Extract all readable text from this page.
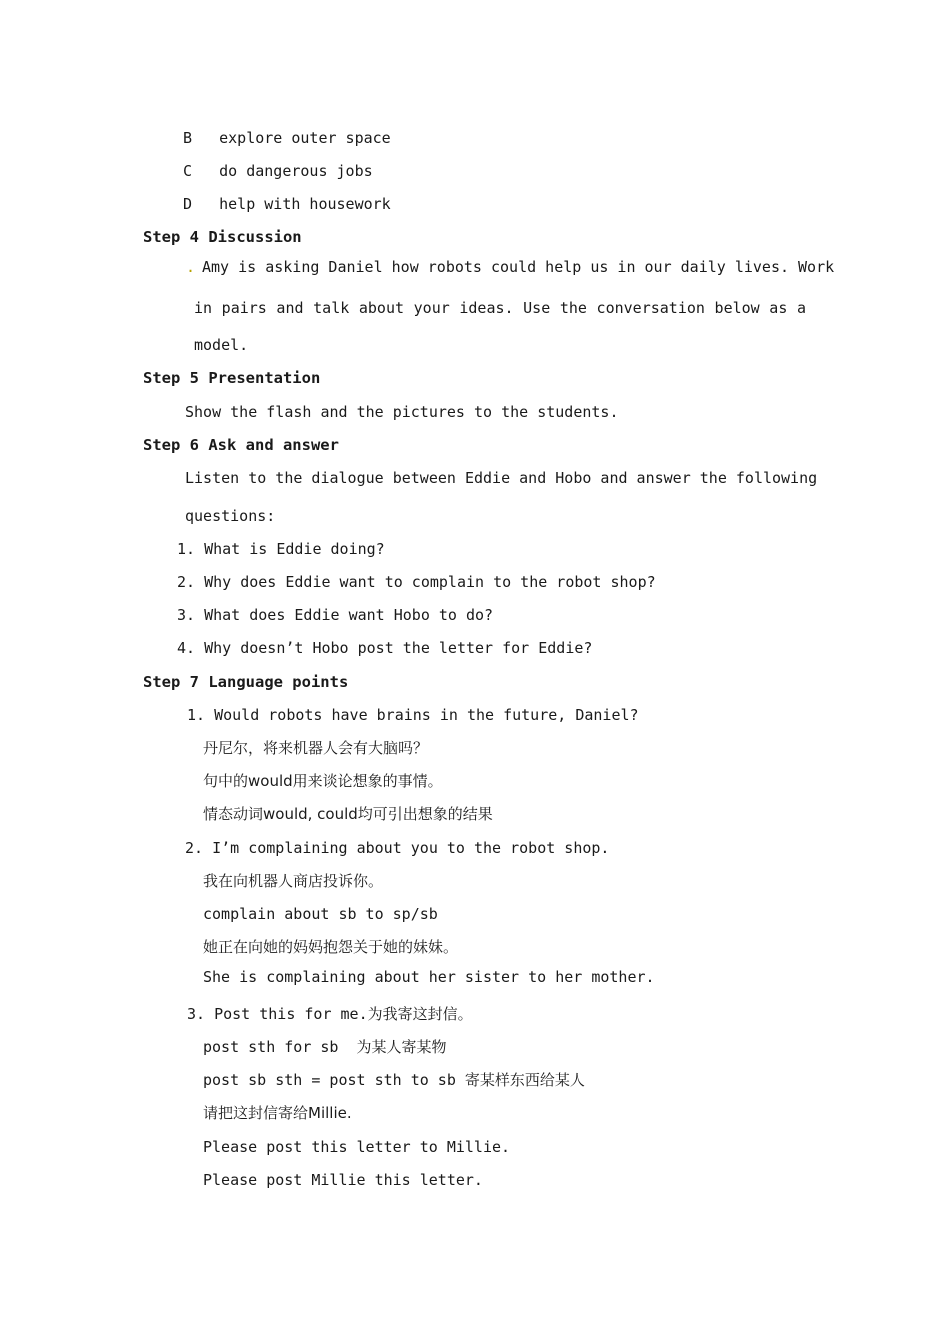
B explore outer space
C do dangerous jobs
D help with housework
Step 4 Discussion
. Amy is asking Daniel how robots could help us in our daily lives. Work
in pairs and talk about your ideas. Use the conversation below as a
model.
Step 5 Presentation
Show the flash and the pictures to the students.
Step 6 Ask and answer
Listen to the dialogue between Eddie and Hobo and answer the following
questions:
1. What is Eddie doing?
2. Why does Eddie want to complain to the robot shop?
3. What does Eddie want Hobo to do?
4. Why doesn’t Hobo post the letter for Eddie?
Step 7 Language points
1. Would robots have brains in the future, Daniel?
丹尼尔，将来机器人会有大脑吗？
句中的would用来谈论想象的事情。
情态动词would, could均可引出想象的结果
2. I’m complaining about you to the robot shop.
我在向机器人商店投诉你。
complain about sb to sp/sb
她正在向她的妈妈抱怨关于她的妹妹。
She is complaining about her sister to her mother.
3. Post this for me.为我寄这封信。
post sth for sb  为某人寄某物
post sb sth = post sth to sb 寄某样东西给某人
请把这封信寄给Millie.
Please post this letter to Millie.
Please post Millie this letter.
